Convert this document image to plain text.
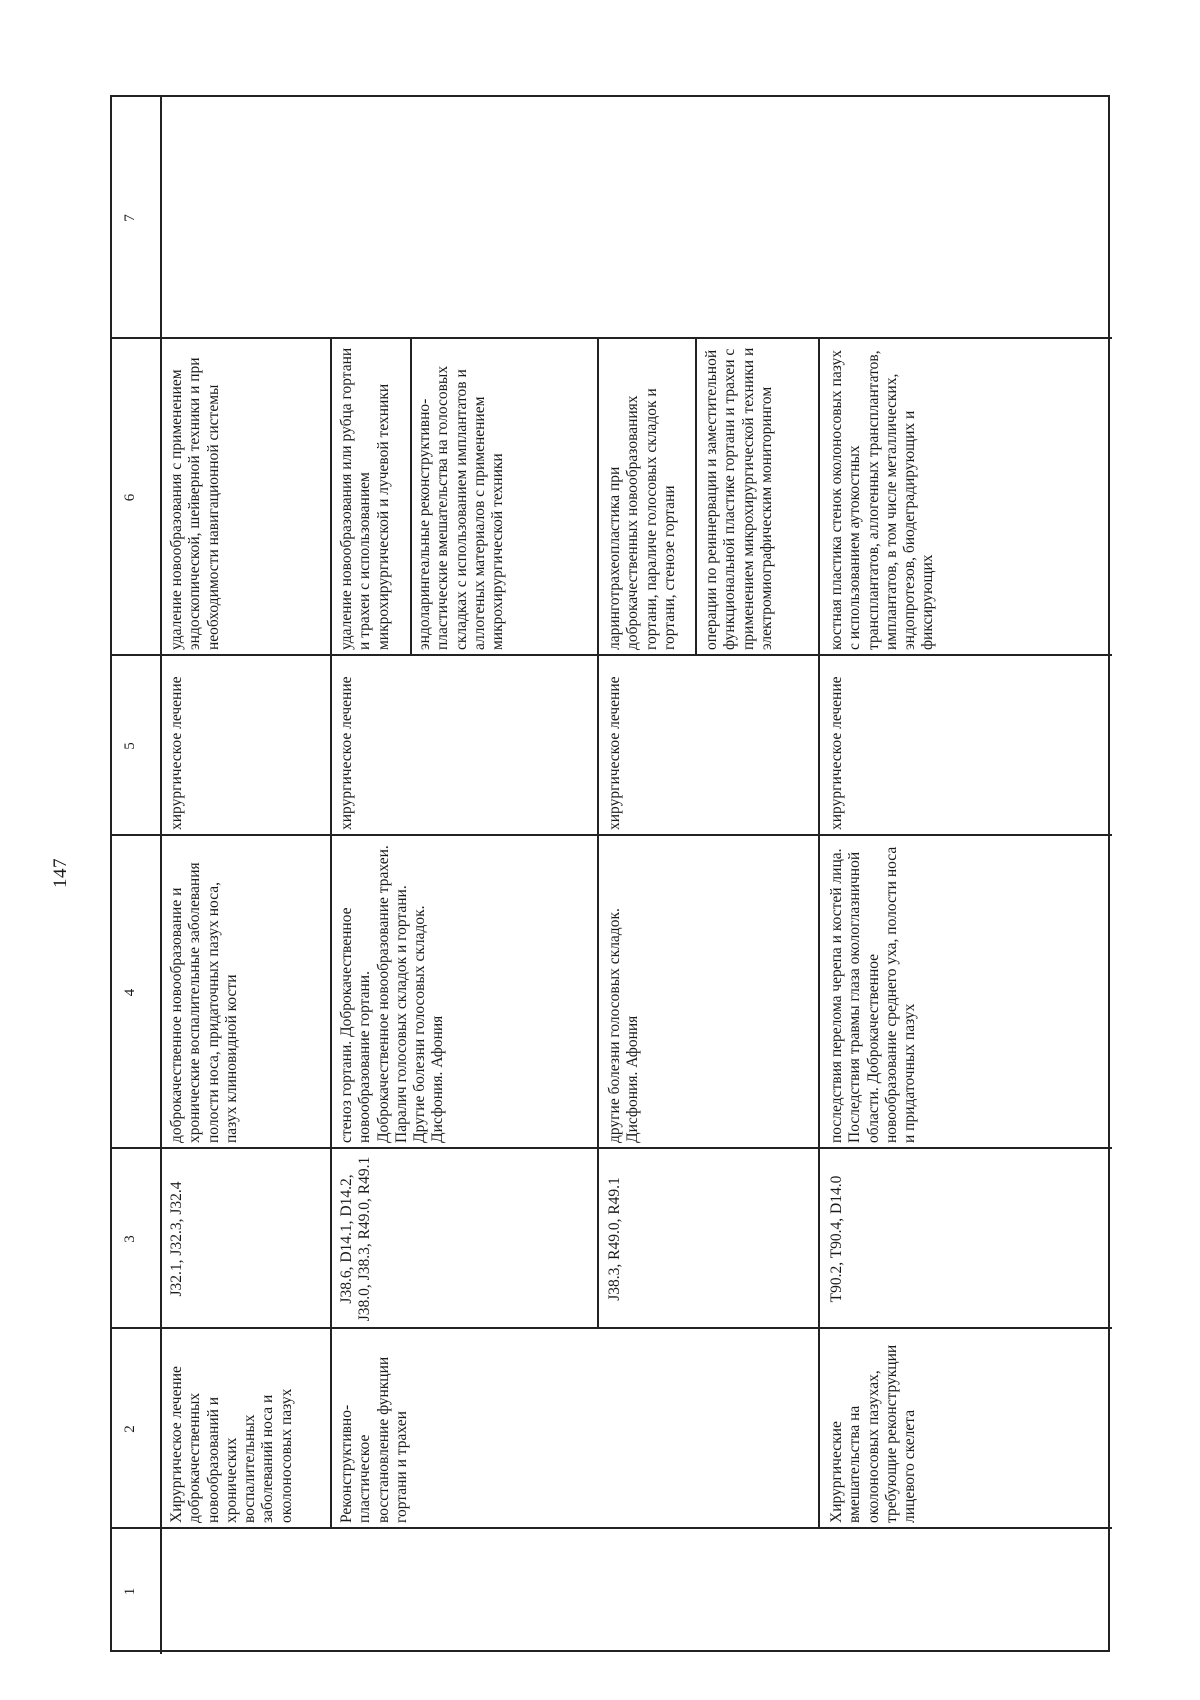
147
1
2
3
4
5
6
7
Хирургическое лечение доброкачественных новообразований и хронических воспалительных заболеваний носа и околоносовых пазух
J32.1, J32.3, J32.4
доброкачественное новообразование и хронические воспалительные заболевания полости носа, придаточных пазух носа, пазух клиновидной кости
хирургическое лечение
удаление новообразования с применением эндоскопической, шейверной техники и при необходимости навигационной системы
Реконструктивно-пластическое восстановление функции гортани и трахеи
J38.6, D14.1, D14.2, J38.0, J38.3, R49.0, R49.1
стеноз гортани. Доброкачественное новообразование гортани. Доброкачественное новообразование трахеи. Паралич голосовых складок и гортани. Другие болезни голосовых складок. Дисфония. Афония
хирургическое лечение
удаление новообразования или рубца гортани и трахеи с использованием микрохирургической и лучевой техники	эндоларингеальные реконструктивно-пластические вмешательства на голосовых складках с использованием имплантатов и аллогеных материалов с применением микрохирургической техники
J38.3, R49.0, R49.1
другие болезни голосовых складок. Дисфония. Афония
хирургическое лечение
ларинготрахеопластика при доброкачественных новообразованиях гортани, параличе голосовых складок и гортани, стенозе гортани	операции по реиннервации и заместительной функциональной пластике гортани и трахеи с применением микрохирургической техники и электромиографическим мониторингом
Хирургические вмешательства на околоносовых пазухах, требующие реконструкции лицевого скелета
T90.2, T90.4, D14.0
последствия перелома черепа и костей лица. Последствия травмы глаза окологлазничной области. Доброкачественное новообразование среднего уха, полости носа и придаточных пазух
хирургическое лечение
костная пластика стенок околоносовых пазух с использованием аутокостных трансплантатов, аллогенных трансплантатов, имплантатов, в том числе металлических, эндопротезов, биодеградирующих и фиксирующих
